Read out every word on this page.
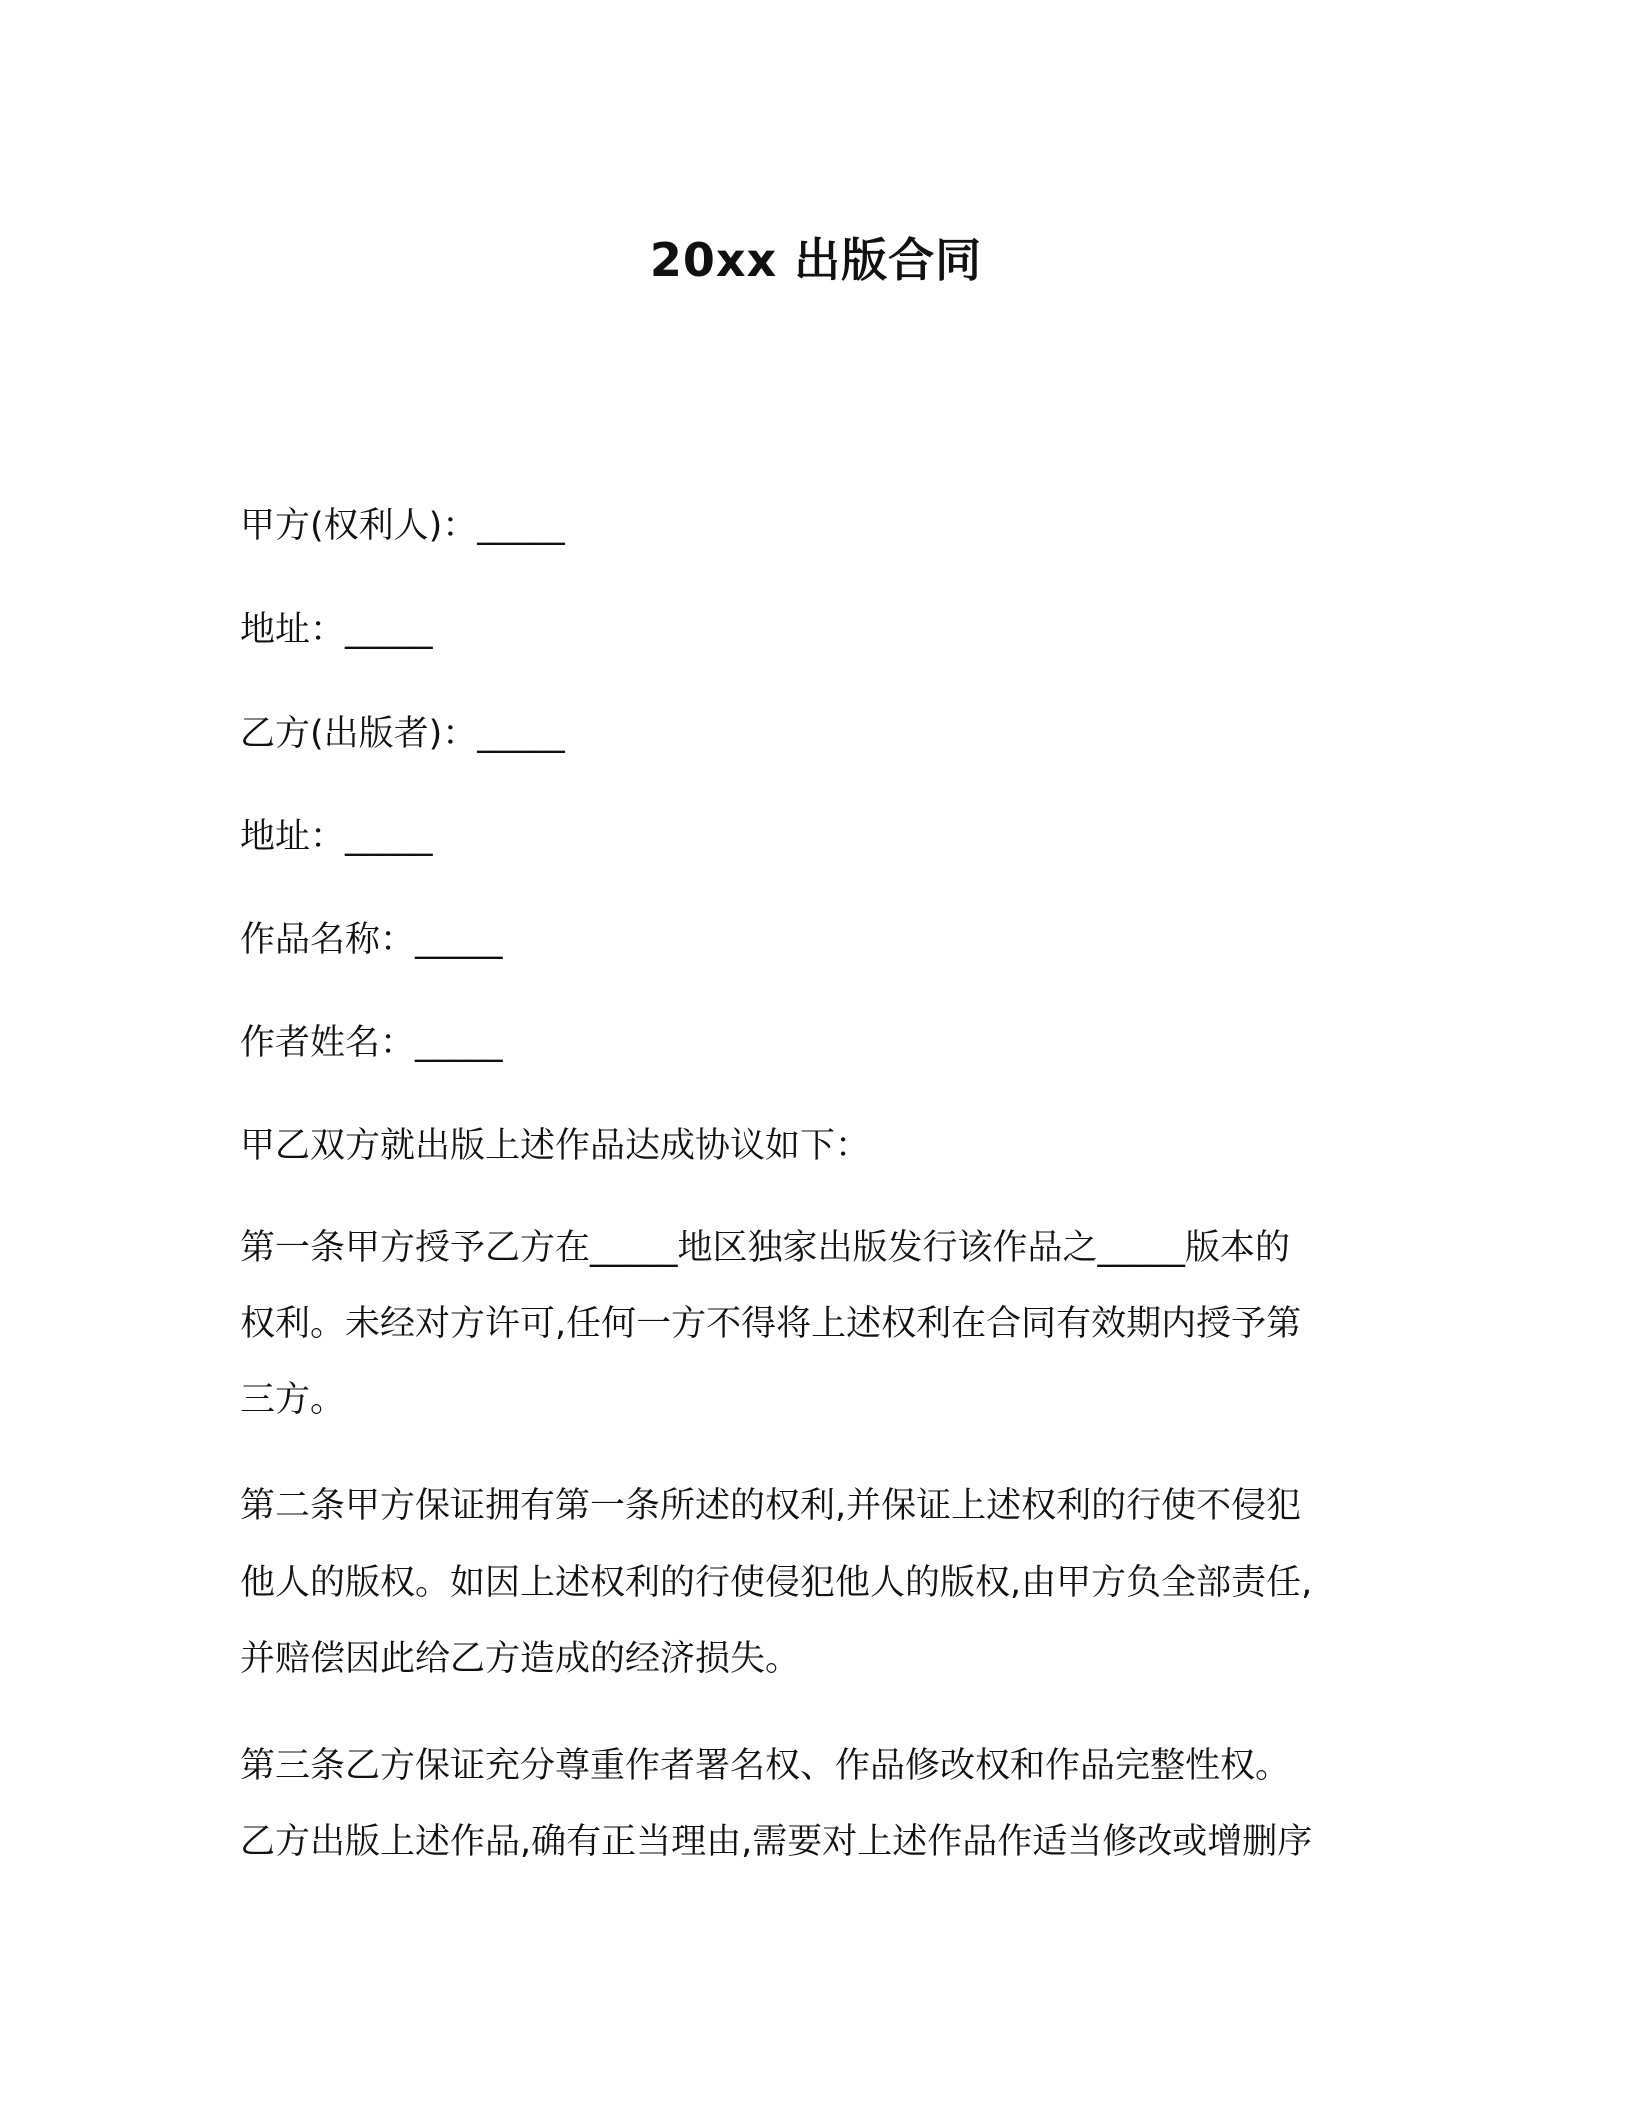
20xx 出版合同
甲方(权利人)：_____
地址：_____
乙方(出版者)：_____
地址：_____
作品名称：_____
作者姓名：_____
甲乙双方就出版上述作品达成协议如下：
第一条甲方授予乙方在_____地区独家出版发行该作品之_____版本的
权利。未经对方许可,任何一方不得将上述权利在合同有效期内授予第
三方。
第二条甲方保证拥有第一条所述的权利,并保证上述权利的行使不侵犯
他人的版权。如因上述权利的行使侵犯他人的版权,由甲方负全部责任,
并赔偿因此给乙方造成的经济损失。
第三条乙方保证充分尊重作者署名权、作品修改权和作品完整性权。
乙方出版上述作品,确有正当理由,需要对上述作品作适当修改或增删序
